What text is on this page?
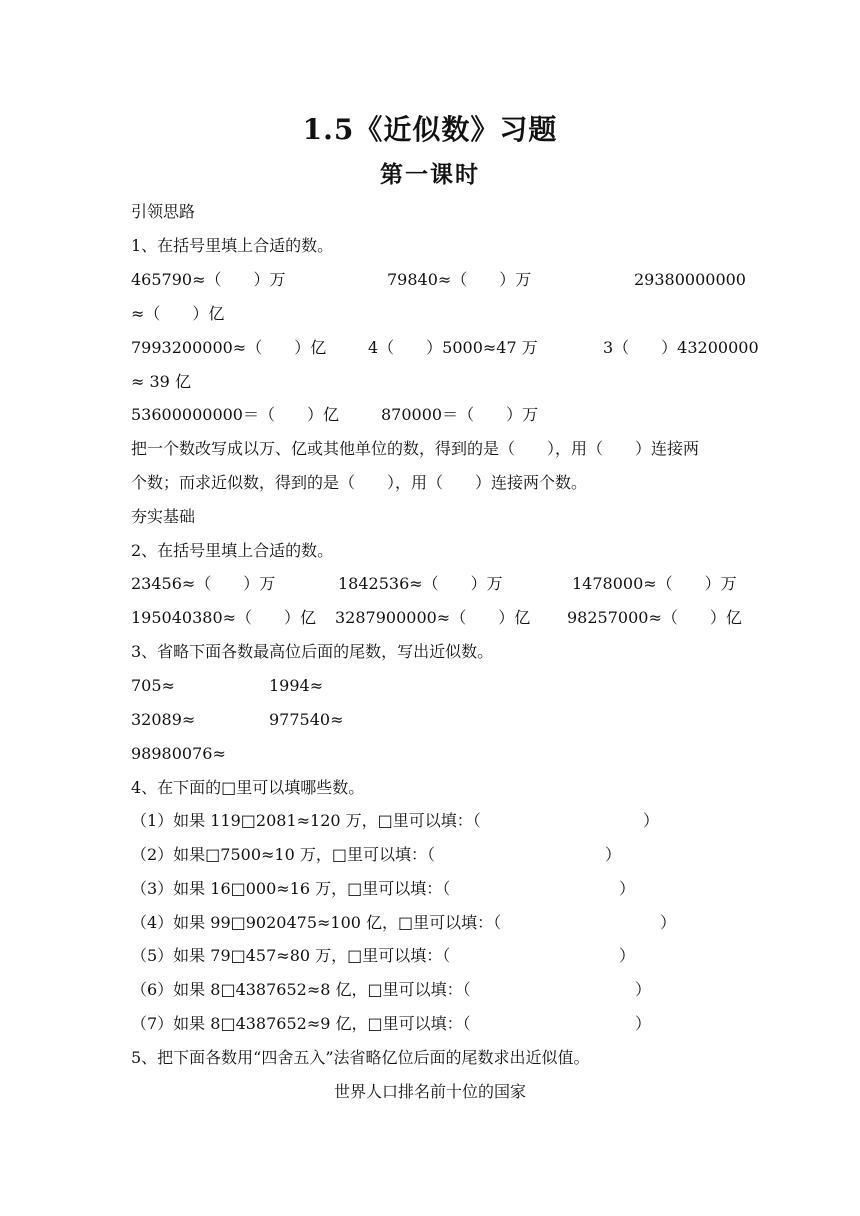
1.5《近似数》习题
第一课时
引领思路
1、在括号里填上合适的数。
465790≈（　　）万	79840≈（　　）万	29380000000
≈（　　）亿
7993200000≈（　　）亿	4（　　）5000≈47 万	3（　　）43200000
≈ 39 亿
53600000000＝（　　）亿	870000＝（　　）万
把一个数改写成以万、亿或其他单位的数，得到的是（　　），用（　　）连接两
个数；而求近似数，得到的是（　　），用（　　）连接两个数。
夯实基础
2、在括号里填上合适的数。
23456≈（　　）万	1842536≈（　　）万	1478000≈（　　）万
195040380≈（　　）亿 3287900000≈（　　）亿 98257000≈（　　）亿
3、省略下面各数最高位后面的尾数，写出近似数。
705≈	1994≈
32089≈	977540≈
98980076≈
4、在下面的□里可以填哪些数。
（1）如果 119□2081≈120 万，□里可以填：（	）
（2）如果□7500≈10 万，□里可以填：（	）
（3）如果 16□000≈16 万，□里可以填：（	）
（4）如果 99□9020475≈100 亿，□里可以填：（	）
（5）如果 79□457≈80 万，□里可以填：（	）
（6）如果 8□4387652≈8 亿，□里可以填：（	）
（7）如果 8□4387652≈9 亿，□里可以填：（	）
5、把下面各数用“四舍五入”法省略亿位后面的尾数求出近似值。
世界人口排名前十位的国家
